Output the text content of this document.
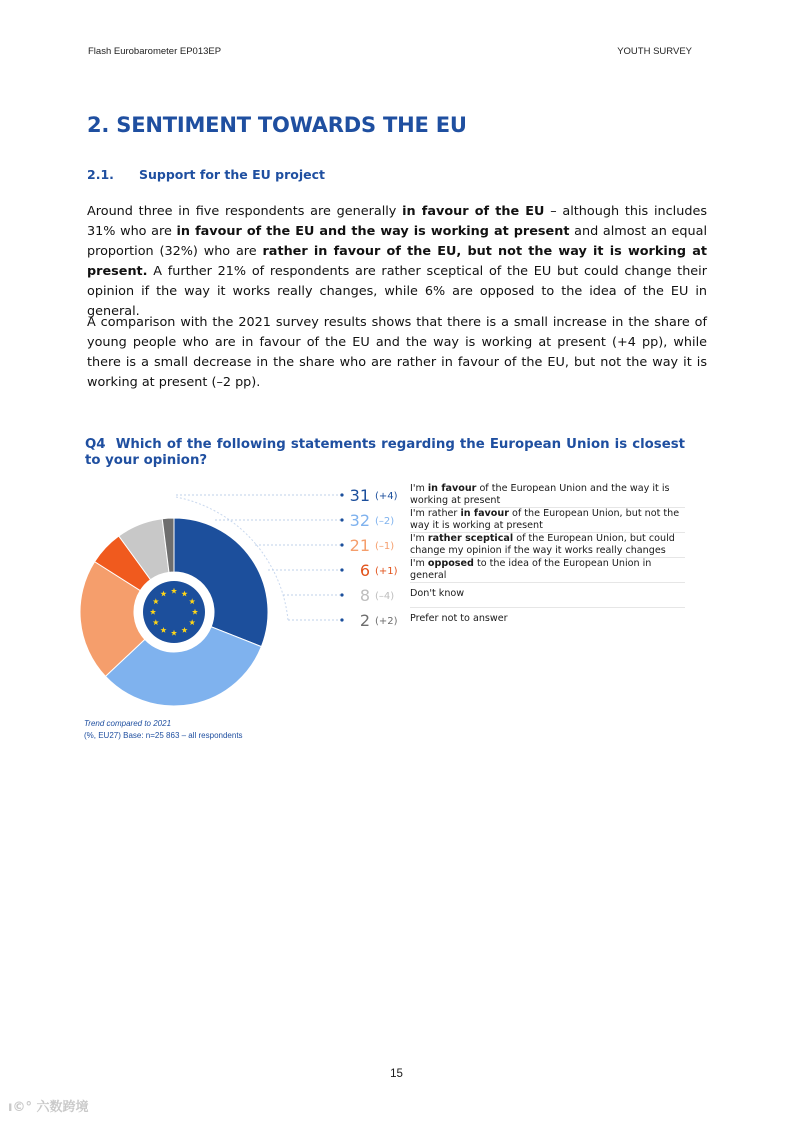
Flash Eurobarometer EP013EP	YOUTH SURVEY
2. SENTIMENT TOWARDS THE EU
2.1. Support for the EU project

Around three in five respondents are generally in favour of the EU – although this includes 31% who are in favour of the EU and the way is working at present and almost an equal proportion (32%) who are rather in favour of the EU, but not the way it is working at present. A further 21% of respondents are rather sceptical of the EU but could change their opinion if the way it works really changes, while 6% are opposed to the idea of the EU in general.

A comparison with the 2021 survey results shows that there is a small increase in the share of young people who are in favour of the EU and the way is working at present (+4 pp), while there is a small decrease in the share who are rather in favour of the EU, but not the way it is working at present (–2 pp).

Q4 Which of the following statements regarding the European Union is closest to your opinion?

31 (+4)
32 (–2)
21 (–1)
6 (+1)
8 (–4)
2 (+2)
I'm in favour of the European Union and the way it is working at present
I'm rather in favour of the European Union, but not the way it is working at present
I'm rather sceptical of the European Union, but could change my opinion if the way it works really changes
I'm opposed to the idea of the European Union in general
Don't know
Prefer not to answer
Trend compared to 2021
(%, EU27) Base: n=25 863 – all respondents
15
ı©° 六数跨境
